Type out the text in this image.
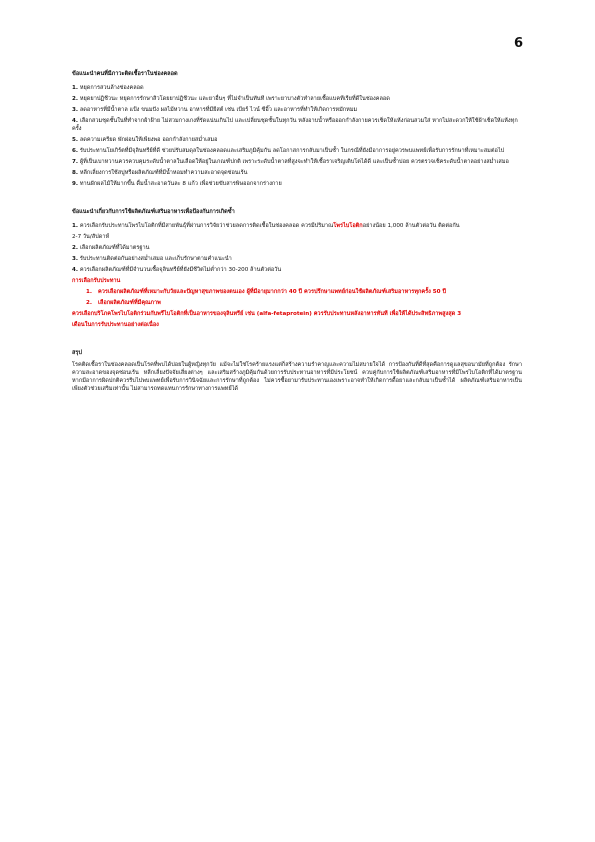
6
ข้อแนะนำคนที่มีภาวะติดเชื้อราในช่องคลอด
1. หยุดการสวนล้างช่องคลอด
2. หยุดยาปฏิชีวนะ หยุดการรักษาสิวโดยยาปฏิชีวนะ และยาอื่นๆ ที่ไม่จำเป็นทันที เพราะยาบางตัวทำลายเชื้อแบคทีเรียที่ดีในช่องคลอด
3. ลดอาหารที่มีน้ำตาล แป้ง ขนมปัง ผลไม้หวาน อาหารที่มียีสต์ เช่น เบียร์ ไวน์ ซีอิ๊ว และอาหารที่ทำให้เกิดการหมักหมม
4. เลือกสวมชุดชั้นในที่ทำจากผ้าฝ้าย ไม่สวมกางเกงที่รัดแน่นเกินไป และเปลี่ยนชุดชั้นในทุกวัน หลังอาบน้ำหรือออกกำลังกายควรเช็ดให้แห้งก่อนสวมใส่ หากไม่สะดวกให้ใช้ผ้าเช็ดให้แห้งทุกครั้ง
5. ลดความเครียด พักผ่อนให้เพียงพอ ออกกำลังกายสม่ำเสมอ
6. รับประทานโยเกิร์ตที่มีจุลินทรีย์ที่ดี ช่วยปรับสมดุลในช่องคลอดและเสริมภูมิคุ้มกัน ลดโอกาสการกลับมาเป็นซ้ำ ในกรณีที่ยังมีอาการอยู่ควรพบแพทย์เพื่อรับการรักษาที่เหมาะสมต่อไป
7. ผู้ที่เป็นเบาหวานควรควบคุมระดับน้ำตาลในเลือดให้อยู่ในเกณฑ์ปกติ เพราะระดับน้ำตาลที่สูงจะทำให้เชื้อราเจริญเติบโตได้ดี และเป็นซ้ำบ่อย ควรตรวจเช็คระดับน้ำตาลอย่างสม่ำเสมอ
8. หลีกเลี่ยงการใช้สบู่หรือผลิตภัณฑ์ที่มีน้ำหอมทำความสะอาดจุดซ่อนเร้น
9. ทานผักผลไม้ให้มากขึ้น ดื่มน้ำสะอาดวันละ 8 แก้ว เพื่อช่วยขับสารพิษออกจากร่างกาย
ข้อแนะนำเกี่ยวกับการใช้ผลิตภัณฑ์เสริมอาหารเพื่อป้องกันการเกิดซ้ำ
1. ควรเลือกรับประทานโพรไบโอติกที่มีสายพันธุ์ที่ผ่านการวิจัยว่าช่วยลดการติดเชื้อในช่องคลอด ควรมีปริมาณโพรไบโอติกอย่างน้อย 1,000 ล้านตัวต่อวัน ติดต่อกัน
2-7 วัน/สัปดาห์
2. เลือกผลิตภัณฑ์ที่ได้มาตรฐาน
3. รับประทานติดต่อกันอย่างสม่ำเสมอ และเก็บรักษาตามคำแนะนำ
4. ควรเลือกผลิตภัณฑ์ที่มีจำนวนเชื้อจุลินทรีย์ที่ยังมีชีวิตไม่ต่ำกว่า 30-200 ล้านตัวต่อวัน
การเลือกรับประทาน
1. ควรเลือกผลิตภัณฑ์ที่เหมาะกับวัยและปัญหาสุขภาพของตนเอง ผู้ที่มีอายุมากกว่า 40 ปี ควรปรึกษาแพทย์ก่อนใช้ผลิตภัณฑ์เสริมอาหารทุกครั้ง 50 ปี
2. เลือกผลิตภัณฑ์ที่มีคุณภาพ
ควรเลือกบริโภคโพรไบโอติกร่วมกับพรีไบโอติกที่เป็นอาหารของจุลินทรีย์ เช่น (alfa-fetaprotein) ควรรับประทานหลังอาหารทันที เพื่อให้ได้ประสิทธิภาพสูงสุด 3
เดือนในการรับประทานอย่างต่อเนื่อง
สรุป

โรคติดเชื้อราในช่องคลอดเป็นโรคที่พบได้บ่อยในผู้หญิงทุกวัย แม้จะไม่ใช่โรคร้ายแรงแต่ก็สร้างความรำคาญและความไม่สบายใจได้ การป้องกันที่ดีที่สุดคือการดูแลสุขอนามัยที่ถูกต้อง รักษาความสะอาดของจุดซ่อนเร้น หลีกเลี่ยงปัจจัยเสี่ยงต่างๆ และเสริมสร้างภูมิคุ้มกันด้วยการรับประทานอาหารที่มีประโยชน์ ควบคู่กับการใช้ผลิตภัณฑ์เสริมอาหารที่มีโพรไบโอติกที่ได้มาตรฐาน หากมีอาการผิดปกติควรรีบไปพบแพทย์เพื่อรับการวินิจฉัยและการรักษาที่ถูกต้อง ไม่ควรซื้อยามารับประทานเองเพราะอาจทำให้เกิดการดื้อยาและกลับมาเป็นซ้ำได้ ผลิตภัณฑ์เสริมอาหารเป็นเพียงตัวช่วยเสริมเท่านั้น ไม่สามารถทดแทนการรักษาทางการแพทย์ได้
